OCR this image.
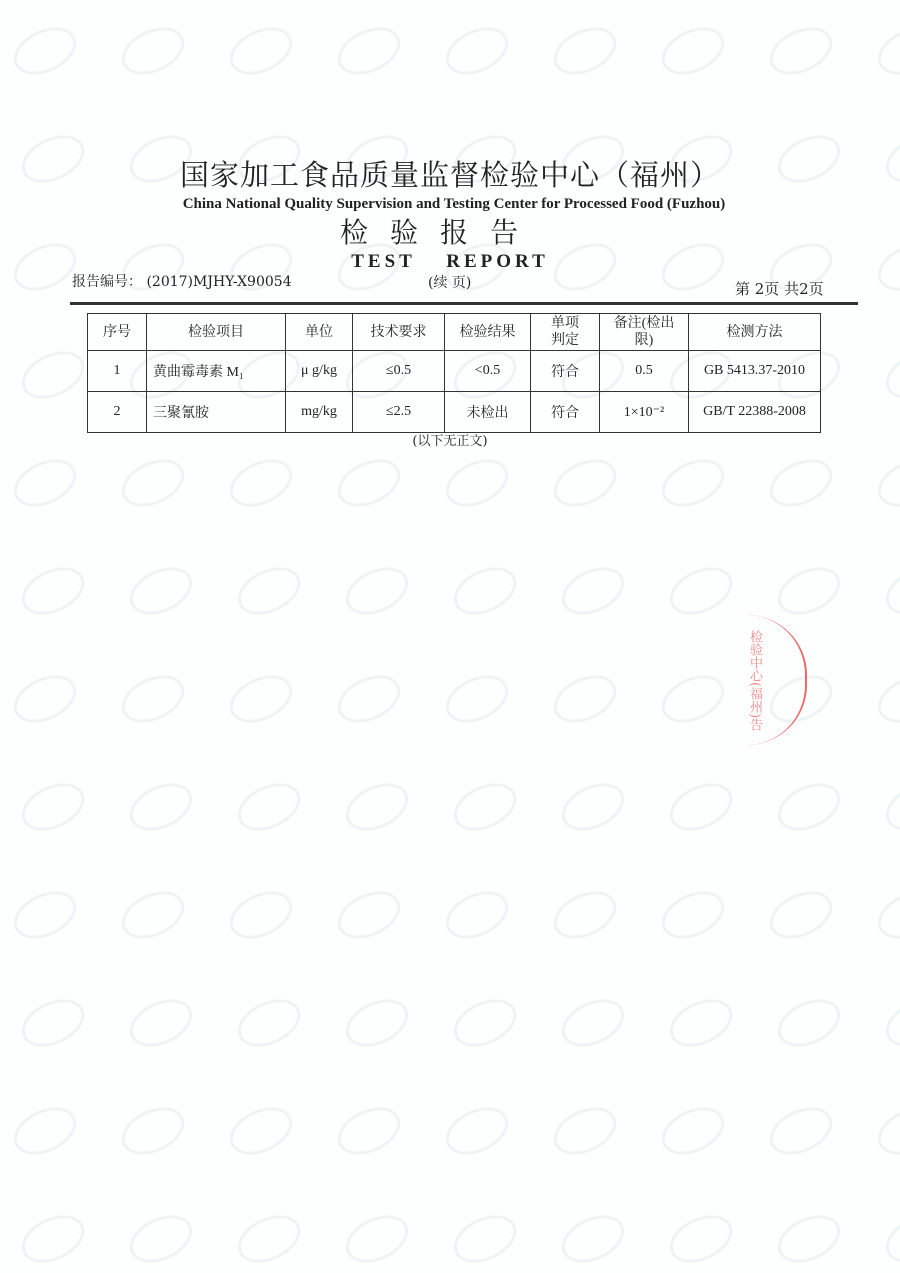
国家加工食品质量监督检验中心（福州）
China National Quality Supervision and Testing Center for Processed Food (Fuzhou)
检验报告
TEST REPORT
报告编号： (2017)MJHY-X90054	(续 页)	第 2页 共2页
序号	检验项目	单位	技术要求	检验结果	单项判定	备注(检出限)	检测方法
1	黄曲霉毒素 M₁	μ g/kg	≤0.5	<0.5	符合	0.5	GB 5413.37-2010
2	三聚氰胺	mg/kg	≤2.5	未检出	符合	1×10⁻²	GB/T 22388-2008
(以下无正文)
检验中心(福州)告
